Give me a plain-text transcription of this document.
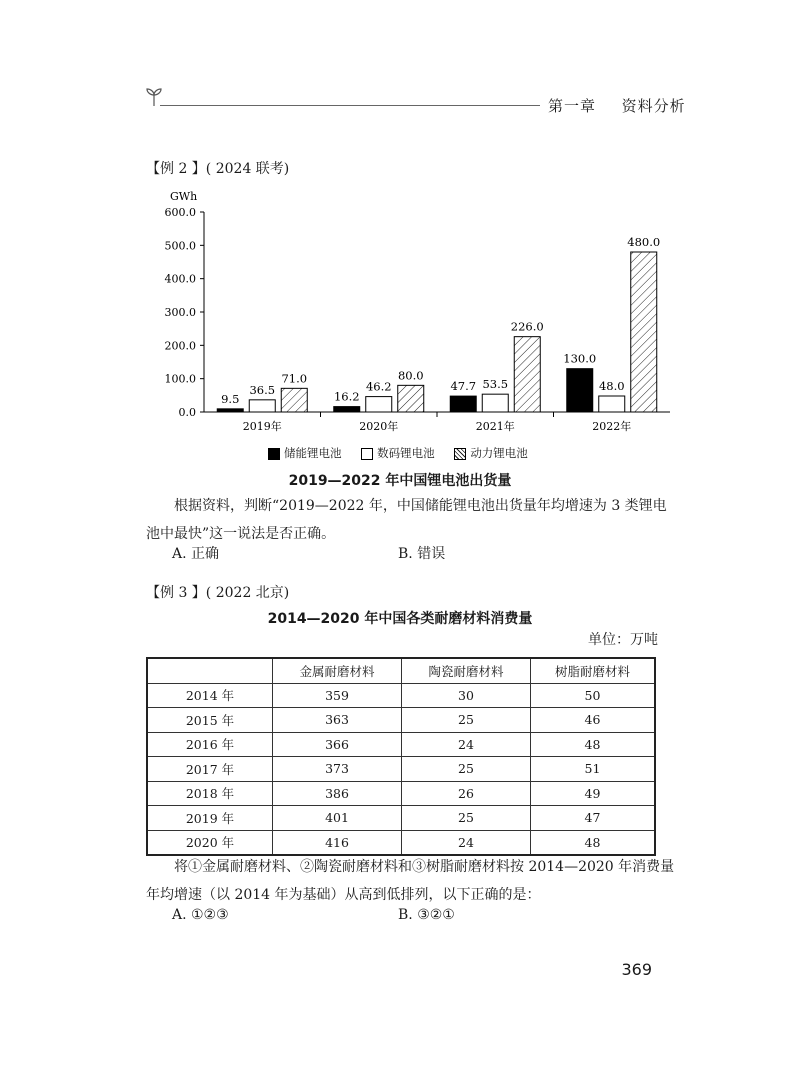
第一章 资料分析
【例 2 】( 2024 联考)
GWh
0.0
100.0
200.0
300.0
400.0
500.0
600.0
9.5
36.5
71.0
2019年
16.2
46.2
80.0
2020年
47.7 53.5
226.0
2021年
130.0
48.0
480.0
2022年
储能锂电池	数码锂电池	动力锂电池
2019—2022 年中国锂电池出货量
根据资料，判断“2019—2022 年，中国储能锂电池出货量年均增速为 3 类锂电
池中最快”这一说法是否正确。
A. 正确	B. 错误
【例 3 】( 2022 北京)
2014—2020 年中国各类耐磨材料消费量
单位：万吨
	金属耐磨材料	陶瓷耐磨材料	树脂耐磨材料
2014 年	359	30	50
2015 年	363	25	46
2016 年	366	24	48
2017 年	373	25	51
2018 年	386	26	49
2019 年	401	25	47
2020 年	416	24	48
将①金属耐磨材料、②陶瓷耐磨材料和③树脂耐磨材料按 2014—2020 年消费量
年均增速（以 2014 年为基础）从高到低排列，以下正确的是：
A. ①②③	B. ③②①
369
